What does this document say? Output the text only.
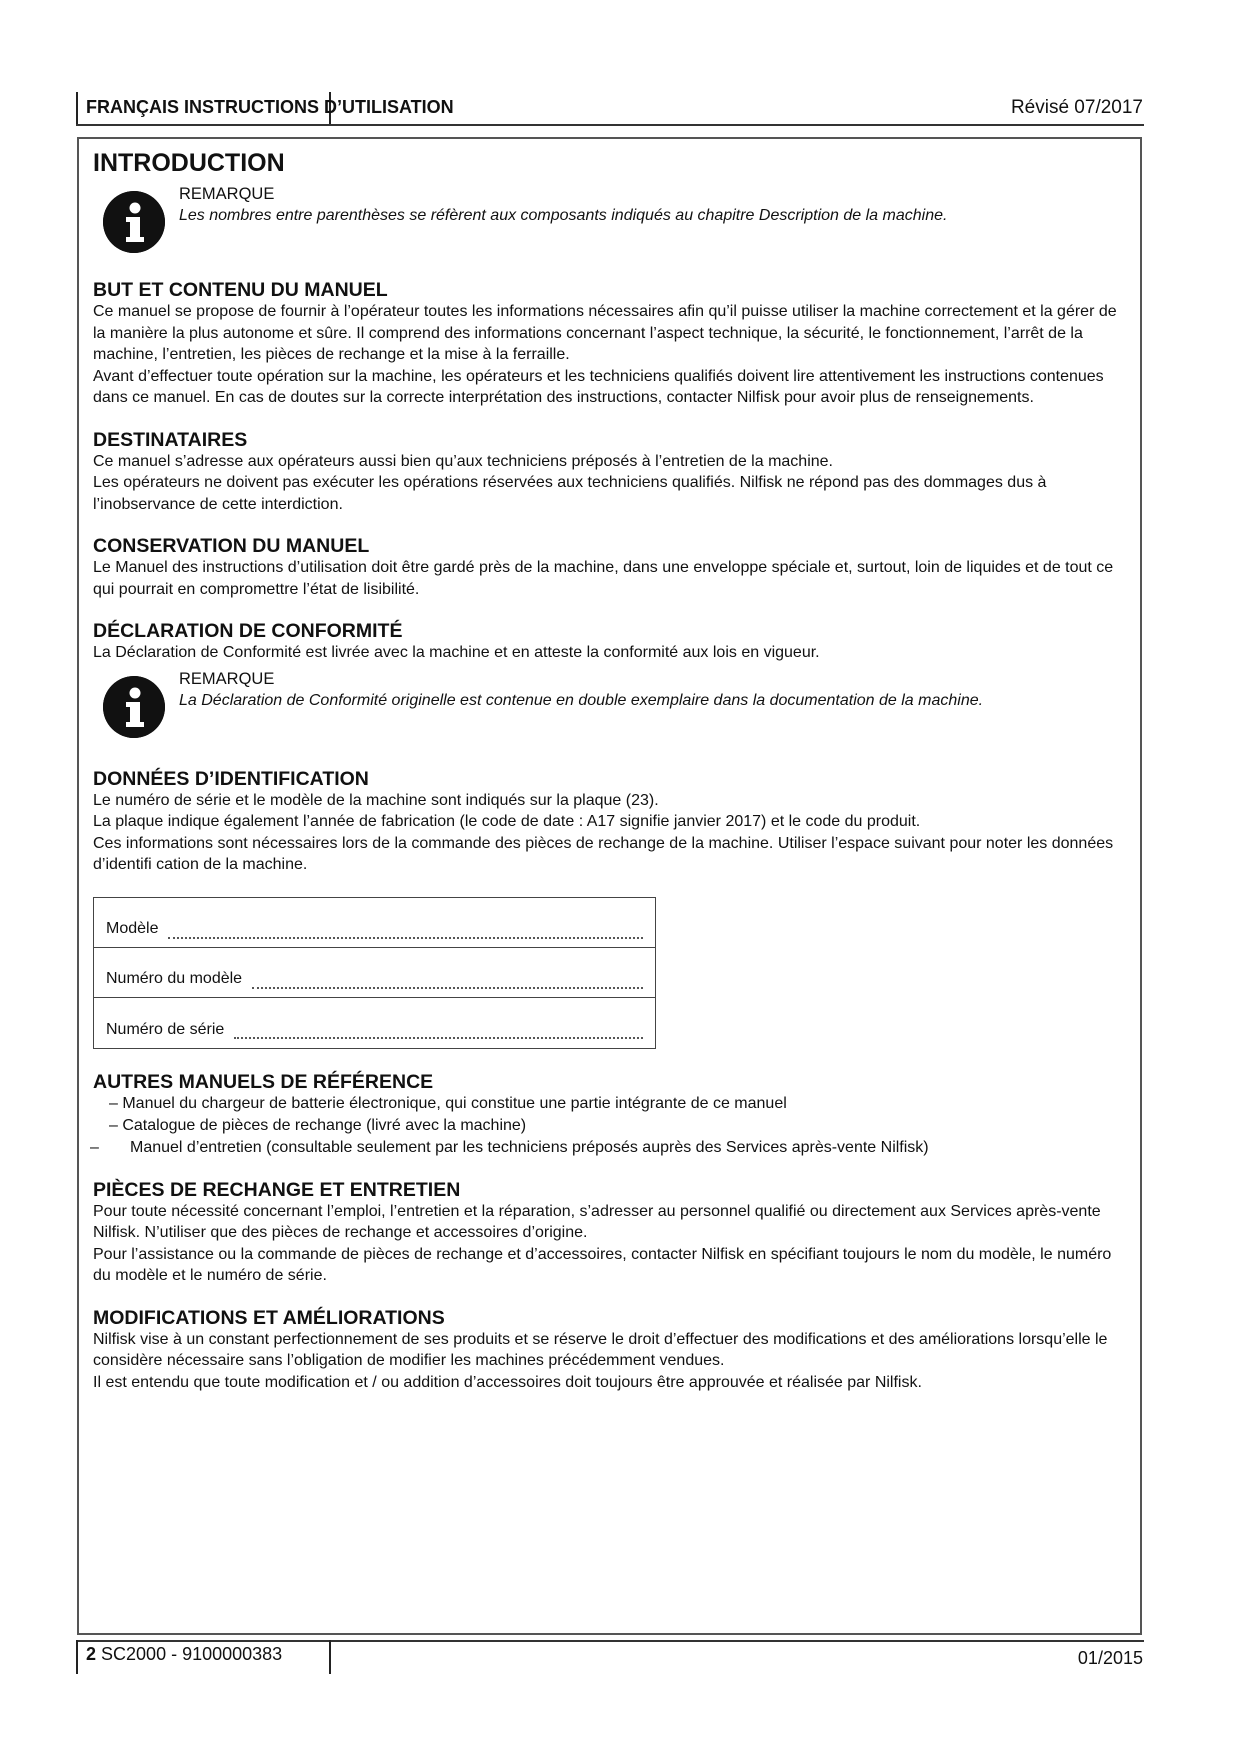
FRANÇAIS INSTRUCTIONS D’UTILISATION	Révisé 07/2017
INTRODUCTION
REMARQUE
Les nombres entre parenthèses se réfèrent aux composants indiqués au chapitre Description de la machine.
BUT ET CONTENU DU MANUEL

Ce manuel se propose de fournir à l’opérateur toutes les informations nécessaires afin qu’il puisse utiliser la machine correctement et la gérer de la manière la plus autonome et sûre. Il comprend des informations concernant l’aspect technique, la sécurité, le fonctionnement, l’arrêt de la machine, l’entretien, les pièces de rechange et la mise à la ferraille.

Avant d’effectuer toute opération sur la machine, les opérateurs et les techniciens qualifiés doivent lire attentivement les instructions contenues dans ce manuel. En cas de doutes sur la correcte interprétation des instructions, contacter Nilfisk pour avoir plus de renseignements.

DESTINATAIRES

Ce manuel s’adresse aux opérateurs aussi bien qu’aux techniciens préposés à l’entretien de la machine.

Les opérateurs ne doivent pas exécuter les opérations réservées aux techniciens qualifiés. Nilfisk ne répond pas des dommages dus à l’inobservance de cette interdiction.

CONSERVATION DU MANUEL

Le Manuel des instructions d’utilisation doit être gardé près de la machine, dans une enveloppe spéciale et, surtout, loin de liquides et de tout ce qui pourrait en compromettre l’état de lisibilité.

DÉCLARATION DE CONFORMITÉ

La Déclaration de Conformité est livrée avec la machine et en atteste la conformité aux lois en vigueur.

REMARQUE
La Déclaration de Conformité originelle est contenue en double exemplaire dans la documentation de la machine.
DONNÉES D’IDENTIFICATION

Le numéro de série et le modèle de la machine sont indiqués sur la plaque (23).

La plaque indique également l’année de fabrication (le code de date : A17 signifie janvier 2017) et le code du produit.

Ces informations sont nécessaires lors de la commande des pièces de rechange de la machine. Utiliser l’espace suivant pour noter les données d’identifi cation de la machine.

Modèle
Numéro du modèle
Numéro de série
AUTRES MANUELS DE RÉFÉRENCE
– Manuel du chargeur de batterie électronique, qui constitue une partie intégrante de ce manuel
– Catalogue de pièces de rechange (livré avec la machine)
– Manuel d’entretien (consultable seulement par les techniciens préposés auprès des Services après-vente Nilfisk)
PIÈCES DE RECHANGE ET ENTRETIEN

Pour toute nécessité concernant l’emploi, l’entretien et la réparation, s’adresser au personnel qualifié ou directement aux Services après-vente Nilfisk. N’utiliser que des pièces de rechange et accessoires d’origine.

Pour l’assistance ou la commande de pièces de rechange et d’accessoires, contacter Nilfisk en spécifiant toujours le nom du modèle, le numéro du modèle et le numéro de série.

MODIFICATIONS ET AMÉLIORATIONS

Nilfisk vise à un constant perfectionnement de ses produits et se réserve le droit d’effectuer des modifications et des améliorations lorsqu’elle le considère nécessaire sans l’obligation de modifier les machines précédemment vendues.

Il est entendu que toute modification et / ou addition d’accessoires doit toujours être approuvée et réalisée par Nilfisk.

2 SC2000 - 9100000383	01/2015
